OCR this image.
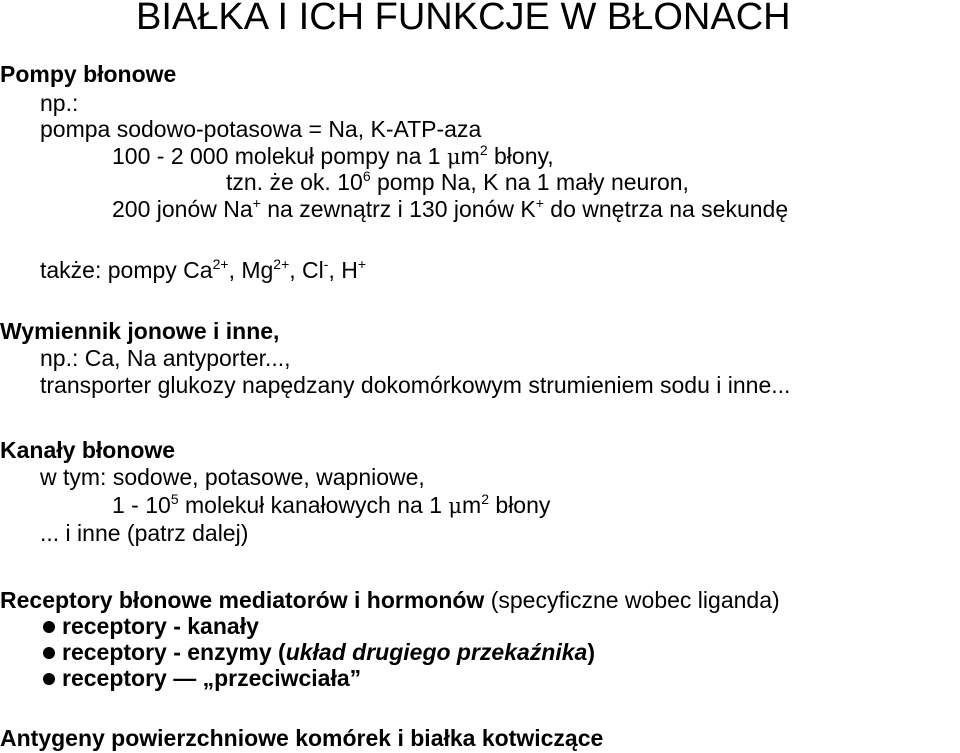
BIAŁKA I ICH FUNKCJE W BŁONACH
Pompy błonowe
np.:
pompa sodowo-potasowa = Na, K-ATP-aza
100 - 2 000 molekuł pompy na 1 $\mu m^2$ błony,
tzn. że ok. $10^6$ pomp Na, K na 1 mały neuron,
200 jonów Na+ na zewnątrz i 130 jonów K+ do wnętrza na sekundę
także: pompy $Ca^{2+}$, $Mg^{2+}$, Cl-, H+
Wymiennik jonowe i inne,
np.: Ca, Na antyporter...,
transporter glukozy napędzany dokomórkowym strumieniem sodu i inne...
Kanały błonowe
w tym: sodowe, potasowe, wapniowe,
$1 - 10^5$ molekuł kanałowych na 1 $\mu m^2$ błony
... i inne (patrz dalej)
Receptory błonowe mediatorów i hormonów (specyficzne wobec liganda)
receptory - kanały
receptory - enzymy (układ drugiego przekaźnika)
receptory — „przeciwciała”
Antygeny powierzchniowe komórek i białka kotwiczące
